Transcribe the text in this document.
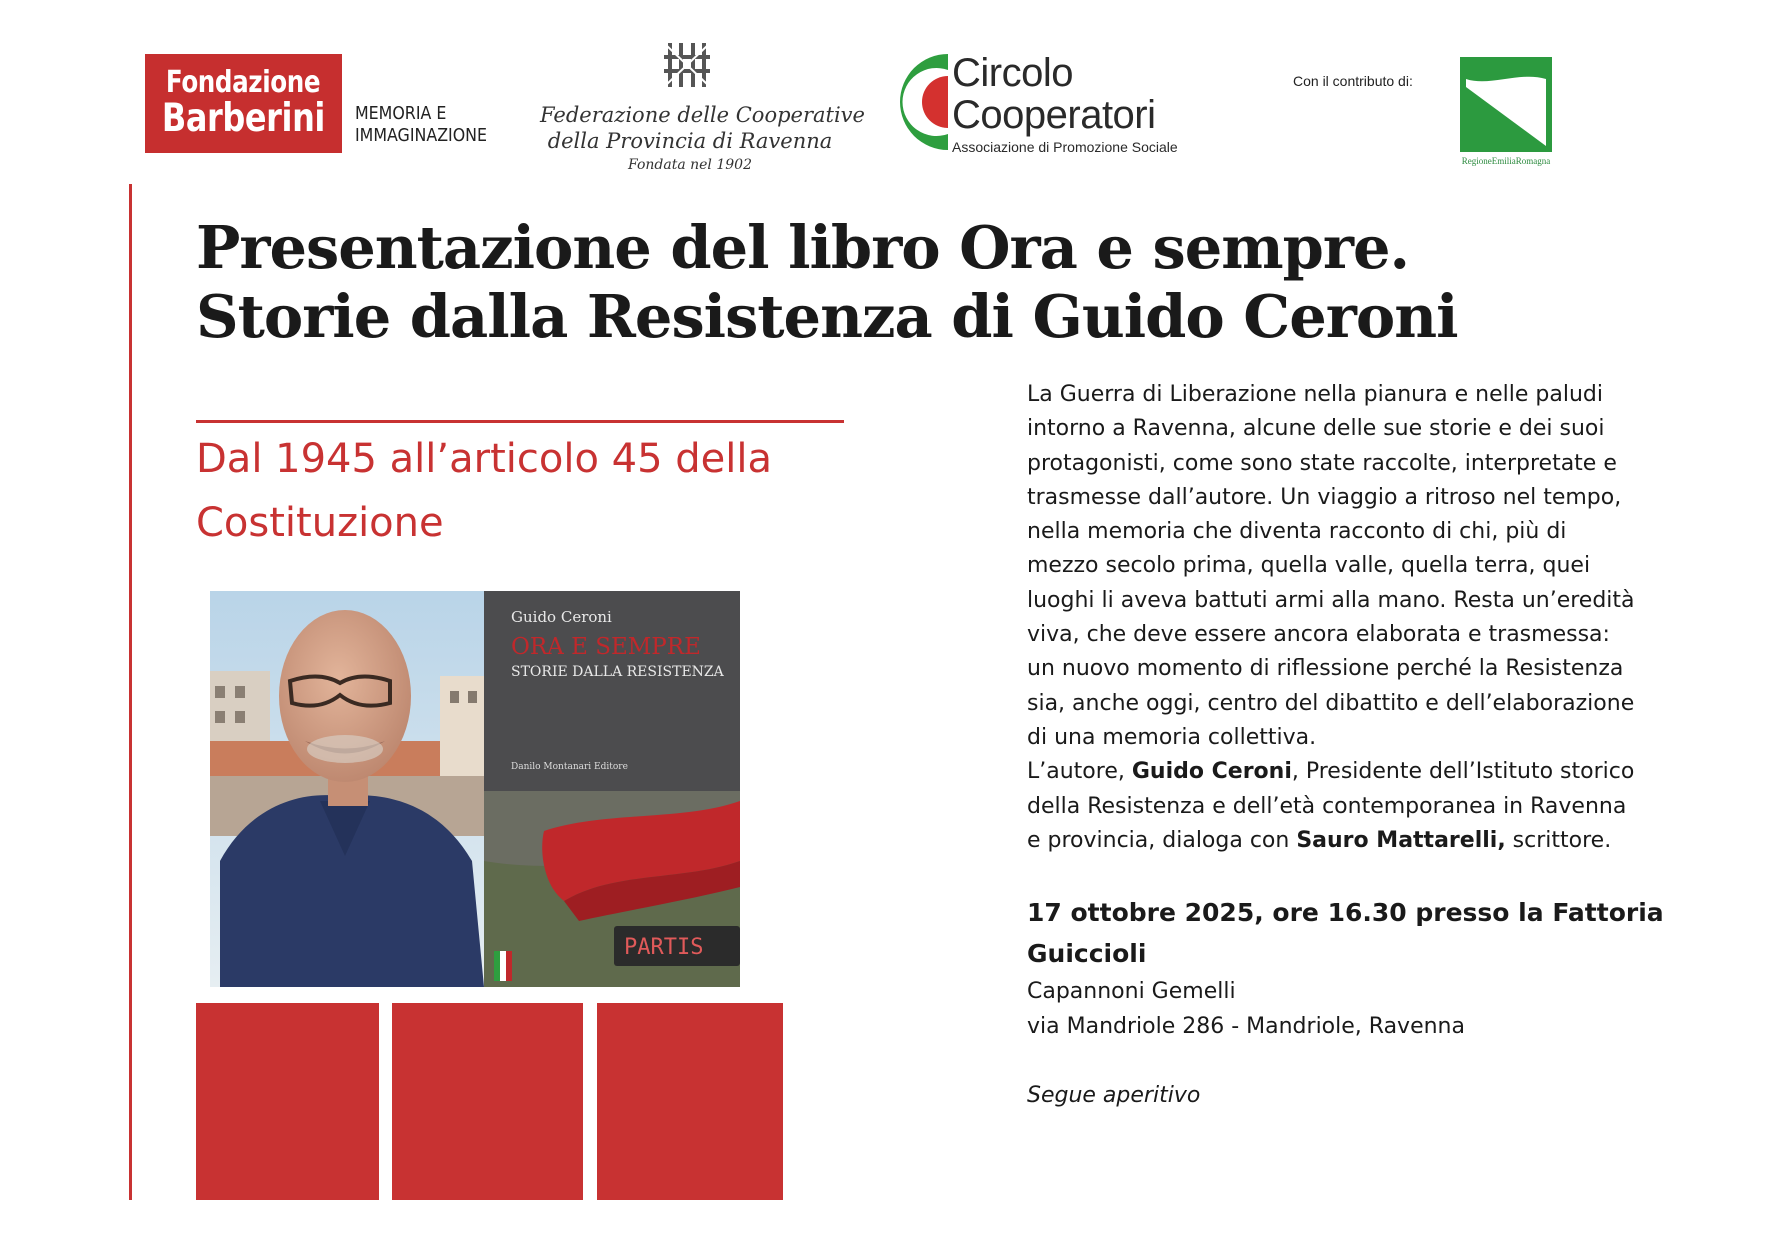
Fondazione
Barberini MEMORIA E
IMMAGINAZIONE
Federazione delle Cooperative
della Provincia di Ravenna
Fondata nel 1902
Circolo
Cooperatori
Associazione di Promozione Sociale
Con il contributo di:
RegioneEmiliaRomagna
Presentazione del libro Ora e sempre.
Storie dalla Resistenza di Guido Ceroni
Dal 1945 all’articolo 45 della
Costituzione
Guido Ceroni
ORA E SEMPRE
STORIE DALLA RESISTENZA
Danilo Montanari Editore
PARTIS
La Guerra di Liberazione nella pianura e nelle paludi
intorno a Ravenna, alcune delle sue storie e dei suoi
protagonisti, come sono state raccolte, interpretate e
trasmesse dall’autore. Un viaggio a ritroso nel tempo,
nella memoria che diventa racconto di chi, più di
mezzo secolo prima, quella valle, quella terra, quei
luoghi li aveva battuti armi alla mano. Resta un’eredità
viva, che deve essere ancora elaborata e trasmessa:
un nuovo momento di riflessione perché la Resistenza
sia, anche oggi, centro del dibattito e dell’elaborazione
di una memoria collettiva.
L’autore, Guido Ceroni, Presidente dell’Istituto storico
della Resistenza e dell’età contemporanea in Ravenna
e provincia, dialoga con Sauro Mattarelli, scrittore.
17 ottobre 2025, ore 16.30 presso la Fattoria
Guiccioli
Capannoni Gemelli
via Mandriole 286 - Mandriole, Ravenna
Segue aperitivo
